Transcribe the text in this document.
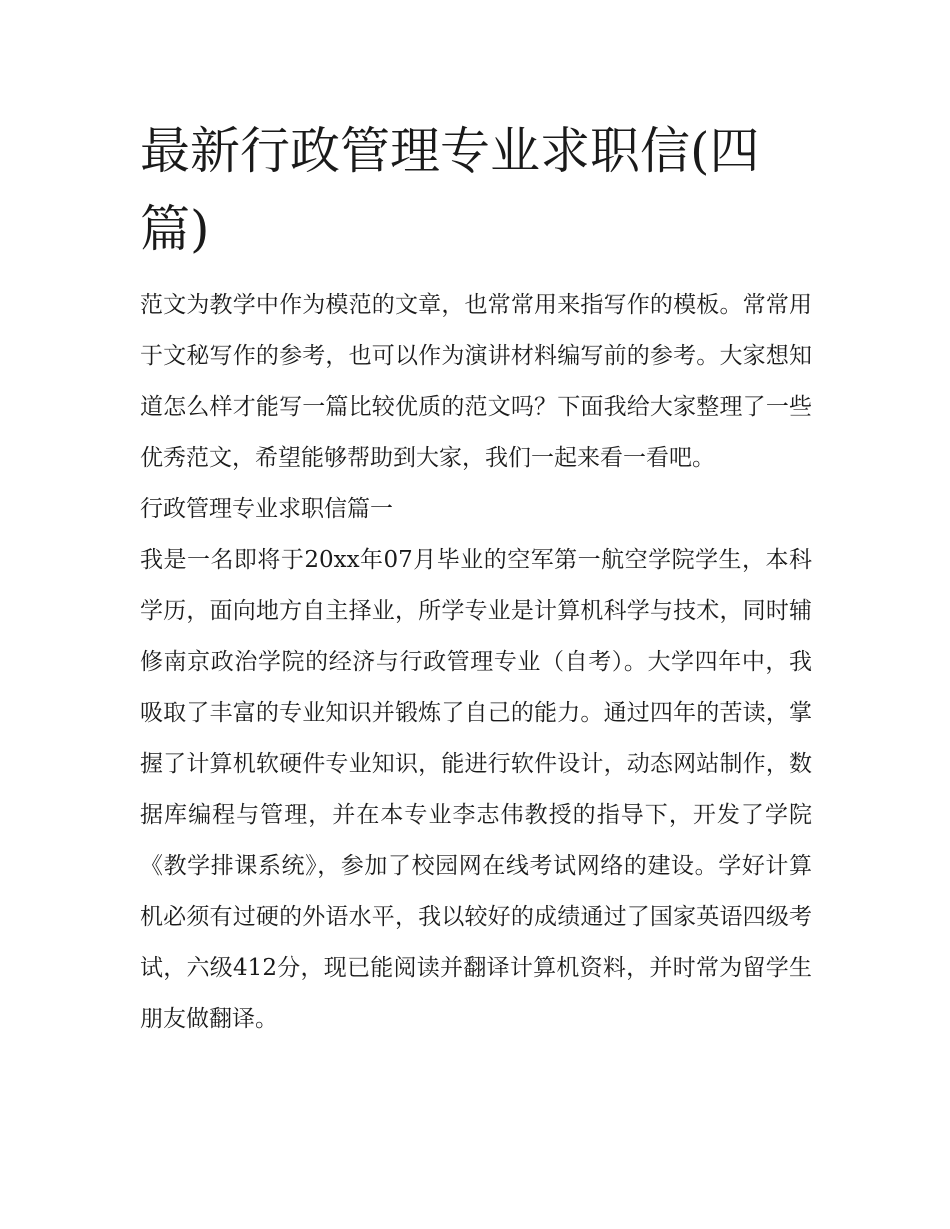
最新行政管理专业求职信(四篇)

范文为教学中作为模范的文章，也常常用来指写作的模板。常常用于文秘写作的参考，也可以作为演讲材料编写前的参考。大家想知道怎么样才能写一篇比较优质的范文吗？下面我给大家整理了一些优秀范文，希望能够帮助到大家，我们一起来看一看吧。

行政管理专业求职信篇一

我是一名即将于20xx年07月毕业的空军第一航空学院学生，本科学历，面向地方自主择业，所学专业是计算机科学与技术，同时辅修南京政治学院的经济与行政管理专业（自考）。大学四年中，我吸取了丰富的专业知识并锻炼了自己的能力。通过四年的苦读，掌握了计算机软硬件专业知识，能进行软件设计，动态网站制作，数据库编程与管理，并在本专业李志伟教授的指导下，开发了学院《教学排课系统》，参加了校园网在线考试网络的建设。学好计算机必须有过硬的外语水平，我以较好的成绩通过了国家英语四级考试，六级412分，现已能阅读并翻译计算机资料，并时常为留学生朋友做翻译。
